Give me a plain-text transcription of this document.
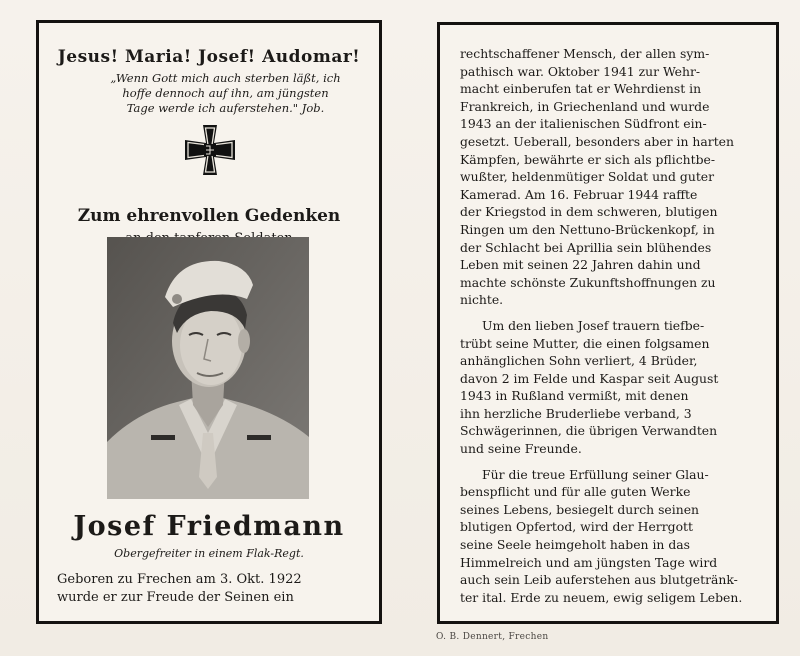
Jesus! Maria! Josef! Audomar!
„Wenn Gott mich auch sterben läßt, ich
hoffe dennoch auf ihn, am jüngsten
Tage werde ich auferstehen." Job.
Zum ehrenvollen Gedenken
Josef Friedmann
Obergefreiter in einem Flak-Regt.
Geboren zu Frechen am 3. Okt. 1922
wurde er zur Freude der Seinen ein
rechtschaffener Mensch, der allen sym-
pathisch war. Oktober 1941 zur Wehr-
macht einberufen tat er Wehrdienst in
Frankreich, in Griechenland und wurde
1943 an der italienischen Südfront ein-
gesetzt. Ueberall, besonders aber in harten
Kämpfen, bewährte er sich als pflichtbe-
wußter, heldenmütiger Soldat und guter
Kamerad. Am 16. Februar 1944 raffte
der Kriegstod in dem schweren, blutigen
Ringen um den Nettuno-Brückenkopf, in
der Schlacht bei Aprillia sein blühendes
Leben mit seinen 22 Jahren dahin und
machte schönste Zukunftshoffnungen zu
nichte.
Um den lieben Josef trauern tiefbe-
trübt seine Mutter, die einen folgsamen
anhänglichen Sohn verliert, 4 Brüder,
davon 2 im Felde und Kaspar seit August
1943 in Rußland vermißt, mit denen
ihn herzliche Bruderliebe verband, 3
Schwägerinnen, die übrigen Verwandten
und seine Freunde.
Für die treue Erfüllung seiner Glau-
benspflicht und für alle guten Werke
seines Lebens, besiegelt durch seinen
blutigen Opfertod, wird der Herrgott
seine Seele heimgeholt haben in das
Himmelreich und am jüngsten Tage wird
auch sein Leib auferstehen aus blutgetränk-
ter ital. Erde zu neuem, ewig seligem Leben.
O. B. Dennert, Frechen
